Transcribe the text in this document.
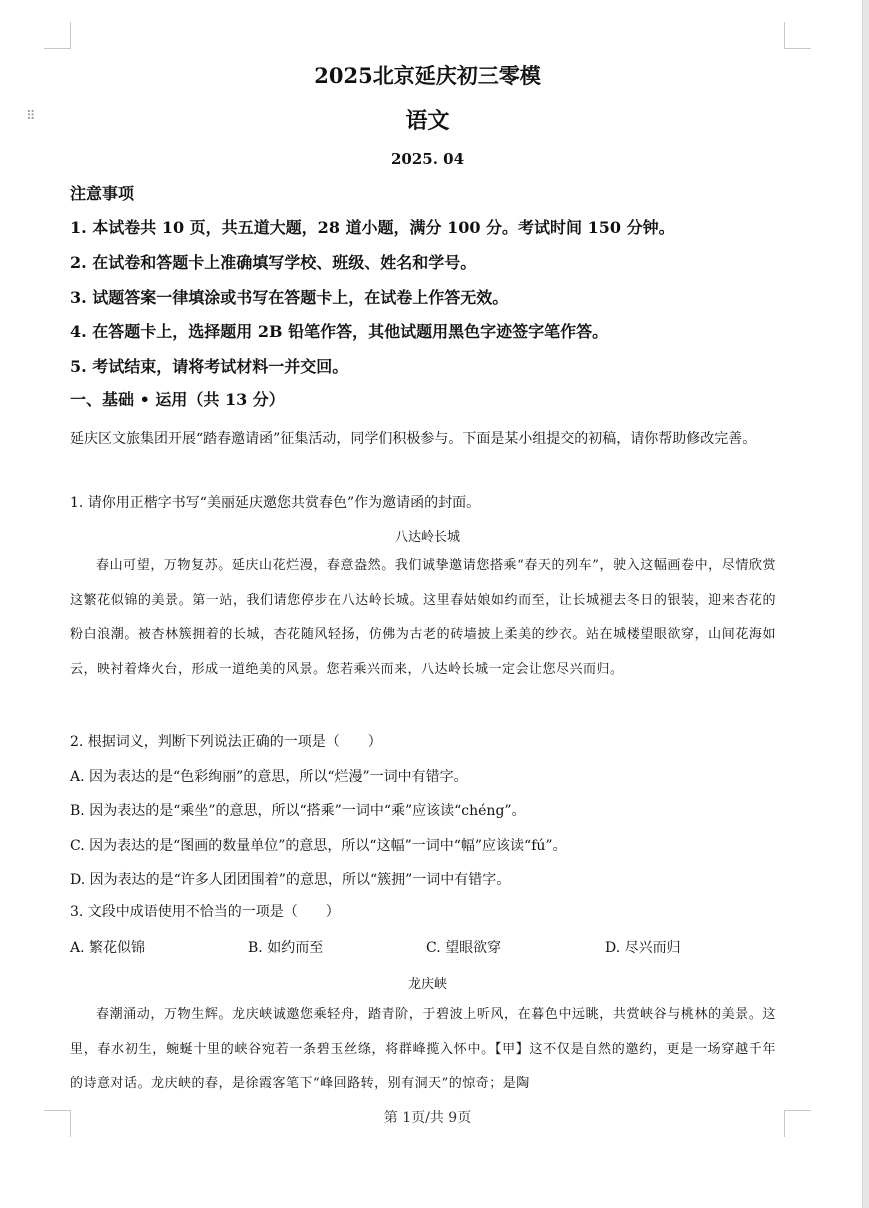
⠿
2025北京延庆初三零模
语文
2025. 04
注意事项
1. 本试卷共 10 页，共五道大题，28 道小题，满分 100 分。考试时间 150 分钟。
2. 在试卷和答题卡上准确填写学校、班级、姓名和学号。
3. 试题答案一律填涂或书写在答题卡上，在试卷上作答无效。
4. 在答题卡上，选择题用 2B 铅笔作答，其他试题用黑色字迹签字笔作答。
5. 考试结束，请将考试材料一并交回。
一、基础 • 运用（共 13 分）
延庆区文旅集团开展“踏春邀请函”征集活动，同学们积极参与。下面是某小组提交的初稿，请你帮助修改完善。
1. 请你用正楷字书写“美丽延庆邀您共赏春色”作为邀请函的封面。
八达岭长城
春山可望，万物复苏。延庆山花烂漫，春意盎然。我们诚挚邀请您搭乘“春天的列车”，驶入这幅画卷中，尽情欣赏这繁花似锦的美景。第一站，我们请您停步在八达岭长城。这里春姑娘如约而至，让长城褪去冬日的银装，迎来杏花的粉白浪潮。被杏林簇拥着的长城，杏花随风轻扬，仿佛为古老的砖墙披上柔美的纱衣。站在城楼望眼欲穿，山间花海如云，映衬着烽火台，形成一道绝美的风景。您若乘兴而来，八达岭长城一定会让您尽兴而归。
2. 根据词义，判断下列说法正确的一项是（　　）
A. 因为表达的是“色彩绚丽”的意思，所以“烂漫”一词中有错字。
B. 因为表达的是“乘坐”的意思，所以“搭乘”一词中“乘”应该读“chéng”。
C. 因为表达的是“图画的数量单位”的意思，所以“这幅”一词中“幅”应该读“fú”。
D. 因为表达的是“许多人团团围着”的意思，所以“簇拥”一词中有错字。
3. 文段中成语使用不恰当的一项是（　　）
A. 繁花似锦	B. 如约而至	C. 望眼欲穿	D. 尽兴而归
龙庆峡
春潮涌动，万物生辉。龙庆峡诚邀您乘轻舟，踏青阶，于碧波上听风，在暮色中远眺，共赏峡谷与桃林的美景。这里，春水初生，蜿蜒十里的峡谷宛若一条碧玉丝绦，将群峰揽入怀中。【甲】这不仅是自然的邀约，更是一场穿越千年的诗意对话。龙庆峡的春，是徐霞客笔下“峰回路转，别有洞天”的惊奇；是陶
第 1页/共 9页
